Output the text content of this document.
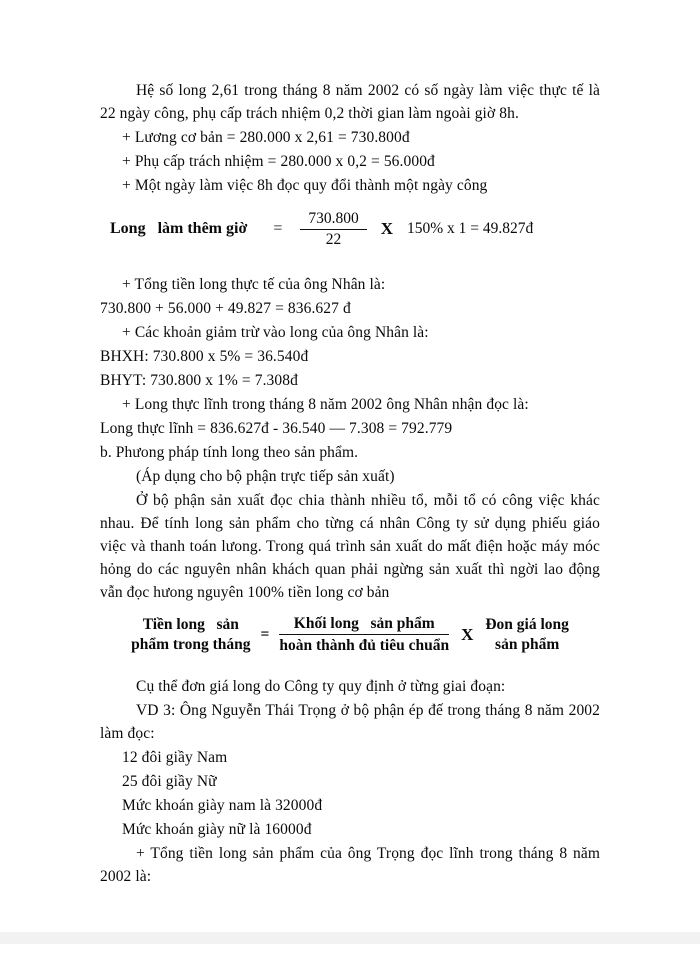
Hệ số long 2,61 trong tháng 8 năm 2002 có số ngày làm việc thực tế là 22 ngày công, phụ cấp trách nhiệm 0,2 thời gian làm ngoài giờ 8h.

+ Lương cơ bản = 280.000 x 2,61 = 730.800đ

+ Phụ cấp trách nhiệm = 280.000 x 0,2 = 56.000đ

+ Một ngày làm việc 8h đọc quy đổi thành một ngày công

Long   làm thêm giờ = $\frac{730.800}{22}$ X 150% x 1 = 49.827đ

+ Tổng tiền long thực tế của ông Nhân là:

730.800 + 56.000 + 49.827 = 836.627 đ

+ Các khoản giảm trừ vào long của ông Nhân là:

BHXH: 730.800 x 5% = 36.540đ

BHYT: 730.800 x 1% = 7.308đ

+ Long thực lĩnh trong tháng 8 năm 2002 ông Nhân nhận đọc là:

Long thực lĩnh = 836.627đ - 36.540 — 7.308 = 792.779

b. Phưong pháp tính long theo sản phẩm.

(Áp dụng cho bộ phận trực tiếp sản xuất)

Ở bộ phận sản xuất đọc chia thành nhiều tổ, mỗi tổ có công việc khác nhau. Để tính long sản phẩm cho từng cá nhân Công ty sử dụng phiếu giáo việc và thanh toán lưong. Trong quá trình sản xuất do mất điện hoặc máy móc hỏng do các nguyên nhân khách quan phải ngừng sản xuất thì ngời lao động vẫn đọc hưong nguyên 100% tiền long cơ bản

Tiền long   sản
phẩm trong tháng
=
Khối long   sản phẩm
hoàn thành đủ tiêu chuẩn
X
Đon giá long
sản phẩm

Cụ thể đơn giá long do Công ty quy định ở từng giai đoạn:

VD 3: Ông Nguyễn Thái Trọng ở bộ phận ép đế trong tháng 8 năm 2002 làm đọc:

12 đôi giầy Nam

25 đôi giầy Nữ

Mức khoán giày nam là 32000đ

Mức khoán giày nữ là 16000đ

+ Tổng tiền long sản phẩm của ông Trọng đọc lĩnh trong tháng 8 năm 2002 là:
